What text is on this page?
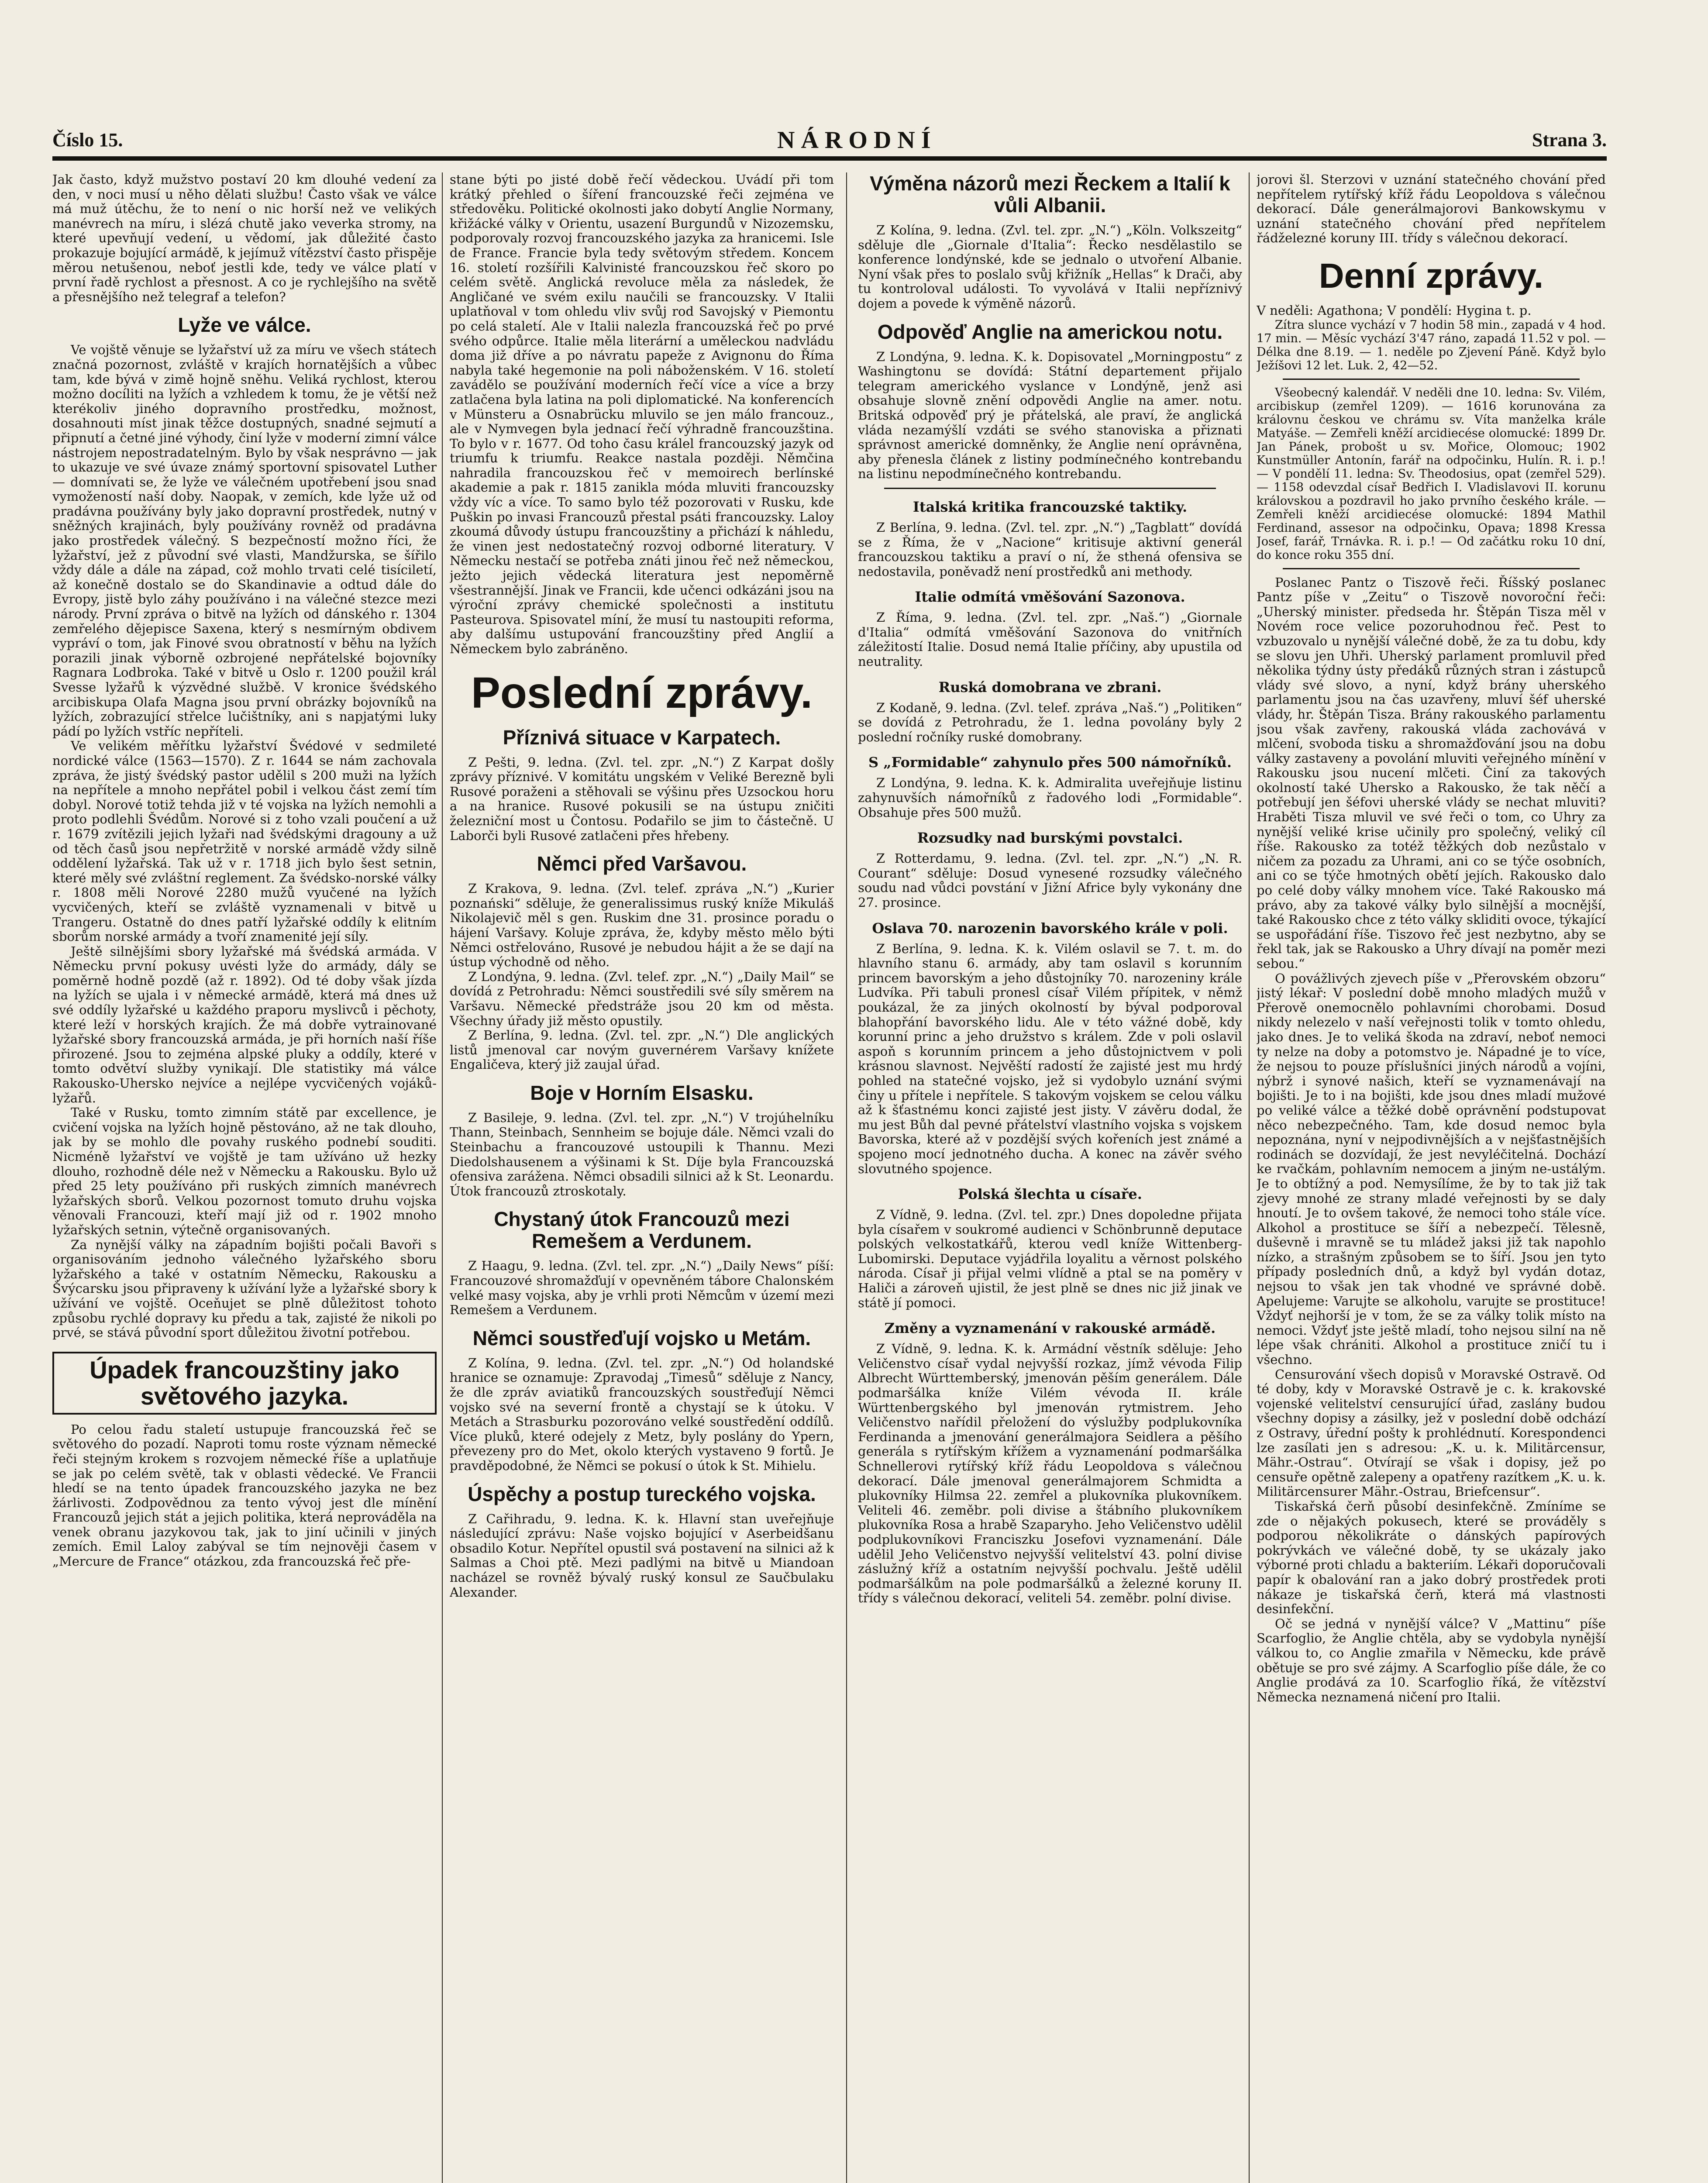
Číslo 15.	NÁRODNÍ	Strana 3.

Jak často, když mužstvo postaví 20 km dlouhé vedení za den, v noci musí u něho dělati službu! Často však ve válce má muž útěchu, že to není o nic horší než ve velikých manévrech na míru, i slézá chutě jako veverka stromy, na které upevňují vedení, u vědomí, jak důležité často prokazuje bojující armádě, k jejímuž vítězství často přispěje měrou netušenou, neboť jestli kde, tedy ve válce platí v první řadě rychlost a přesnost. A co je rychlejšího na světě a přesnějšího než telegraf a telefon?

Lyže ve válce.

Ve vojště věnuje se lyžařství už za míru ve všech státech značná pozornost, zvláště v krajích hornatějších a vůbec tam, kde bývá v zimě hojně sněhu. Veliká rychlost, kterou možno docíliti na lyžích a vzhledem k tomu, že je větší než kterékoliv jiného dopravního prostředku, možnost, dosahnouti míst jinak těžce dostupných, snadné sejmutí a připnutí a četné jiné výhody, činí lyže v moderní zimní válce nástrojem nepostradatelným. Bylo by však nesprávno — jak to ukazuje ve své úvaze známý sportovní spisovatel Luther — domnívati se, že lyže ve válečném upotřebení jsou snad vymožeností naší doby. Naopak, v zemích, kde lyže už od pradávna používány byly jako dopravní prostředek, nutný v sněžných krajinách, byly používány rovněž od pradávna jako prostředek válečný. S bezpečností možno říci, že lyžařství, jež z původní své vlasti, Mandžurska, se šířilo vždy dále a dále na západ, což mohlo trvati celé tisíciletí, až konečně dostalo se do Skandinavie a odtud dále do Evropy, jistě bylo záhy používáno i na válečné stezce mezi národy. První zpráva o bitvě na lyžích od dánského r. 1304 zemřelého dějepisce Saxena, který s nesmírným obdivem vypráví o tom, jak Finové svou obratností v běhu na lyžích porazili jinak výborně ozbrojené nepřátelské bojovníky Ragnara Lodbroka. Také v bitvě u Oslo r. 1200 použil král Svesse lyžařů k výzvědné službě. V kronice švédského arcibiskupa Olafa Magna jsou první obrázky bojovníků na lyžích, zobrazující střelce lučištníky, ani s napjatými luky pádí po lyžích vstříc nepříteli.

Ve velikém měřítku lyžařství Švédové v sedmileté nordické válce (1563—1570). Z r. 1644 se nám zachovala zpráva, že jistý švédský pastor udělil s 200 muži na lyžích na nepřítele a mnoho nepřátel pobil i velkou část zemí tím dobyl. Norové totiž tehda již v té vojska na lyžích nemohli a proto podlehli Švédům. Norové si z toho vzali poučení a už r. 1679 zvítězili jejich lyžaři nad švédskými dragouny a už od těch časů jsou nepřetržitě v norské armádě vždy silně oddělení lyžařská. Tak už v r. 1718 jich bylo šest setnin, které měly své zvláštní reglement. Za švédsko-norské války r. 1808 měli Norové 2280 mužů vyučené na lyžích vycvičených, kteří se zvláště vyznamenali v bitvě u Trangeru. Ostatně do dnes patří lyžařské oddíly k elitním sborům norské armády a tvoří znamenité její síly.

Ještě silnějšími sbory lyžařské má švédská armáda. V Německu první pokusy uvésti lyže do armády, dály se poměrně hodně pozdě (až r. 1892). Od té doby však jízda na lyžích se ujala i v německé armádě, která má dnes už své oddíly lyžařské u každého praporu myslivců i pěchoty, které leží v horských krajích. Že má dobře vytrainované lyžařské sbory francouzská armáda, je při horních naší říše přirozené. Jsou to zejména alpské pluky a oddíly, které v tomto odvětví služby vynikají. Dle statistiky má válce Rakousko-Uhersko nejvíce a nejlépe vycvičených vojáků-lyžařů.

Také v Rusku, tomto zimním státě par excellence, je cvičení vojska na lyžích hojně pěstováno, až ne tak dlouho, jak by se mohlo dle povahy ruského podnebí souditi. Nicméně lyžařství ve vojště je tam užíváno už hezky dlouho, rozhodně déle než v Německu a Rakousku. Bylo už před 25 lety používáno při ruských zimních manévrech lyžařských sborů. Velkou pozornost tomuto druhu vojska věnovali Francouzi, kteří mají již od r. 1902 mnoho lyžařských setnin, výtečně organisovaných.

Za nynější války na západním bojišti počali Bavoři s organisováním jednoho válečného lyžařského sboru lyžařského a také v ostatním Německu, Rakousku a Švýcarsku jsou připraveny k užívání lyže a lyžařské sbory k užívání ve vojště. Oceňujet se plně důležitost tohoto způsobu rychlé dopravy ku předu a tak, zajisté že nikoli po prvé, se stává původní sport důležitou životní potřebou.

Úpadek francouzštiny jako světového jazyka.

Po celou řadu staletí ustupuje francouzská řeč se světového do pozadí. Naproti tomu roste význam německé řeči stejným krokem s rozvojem německé říše a uplatňuje se jak po celém světě, tak v oblasti vědecké. Ve Francii hledí se na tento úpadek francouzského jazyka ne bez žárlivosti. Zodpovědnou za tento vývoj jest dle mínění Francouzů jejich stát a jejich politika, která neprováděla na venek obranu jazykovou tak, jak to jiní učinili v jiných zemích. Emil Laloy zabýval se tím nejnověji časem v „Mercure de France“ otázkou, zda francouzská řeč pře-

stane býti po jisté době řečí vědeckou. Uvádí při tom krátký přehled o šíření francouzské řeči zejména ve středověku. Politické okolnosti jako dobytí Anglie Normany, křižácké války v Orientu, usazení Burgundů v Nizozemsku, podporovaly rozvoj francouzského jazyka za hranicemi. Isle de France. Francie byla tedy světovým středem. Koncem 16. století rozšířili Kalvinisté francouzskou řeč skoro po celém světě. Anglická revoluce měla za následek, že Angličané ve svém exilu naučili se francouzsky. V Italii uplatňoval v tom ohledu vliv svůj rod Savojský v Piemontu po celá staletí. Ale v Italii nalezla francouzská řeč po prvé svého odpůrce. Italie měla literární a uměleckou nadvládu doma již dříve a po návratu papeže z Avignonu do Říma nabyla také hegemonie na poli náboženském. V 16. století zavádělo se používání moderních řečí více a více a brzy zatlačena byla latina na poli diplomatické. Na konferencích v Münsteru a Osnabrücku mluvilo se jen málo francouz., ale v Nymvegen byla jednací řečí výhradně francouzština. To bylo v r. 1677. Od toho času králel francouzský jazyk od triumfu k triumfu. Reakce nastala později. Němčina nahradila francouzskou řeč v memoirech berlínské akademie a pak r. 1815 zanikla móda mluviti francouzsky vždy víc a více. To samo bylo též pozorovati v Rusku, kde Puškin po invasi Francouzů přestal psáti francouzsky. Laloy zkoumá důvody ústupu francouzštiny a přichází k náhledu, že vinen jest nedostatečný rozvoj odborné literatury. V Německu nestačí se potřeba znáti jinou řeč než německou, ježto jejich vědecká literatura jest nepoměrně všestrannější. Jinak ve Francii, kde učenci odkázáni jsou na výroční zprávy chemické společnosti a institutu Pasteurova. Spisovatel míní, že musí tu nastoupiti reforma, aby dalšímu ustupování francouzštiny před Anglií a Německem bylo zabráněno.

Poslední zprávy.
Příznivá situace v Karpatech.

Z Pešti, 9. ledna. (Zvl. tel. zpr. „N.“) Z Karpat došly zprávy příznivé. V komitátu ungském v Veliké Berezně byli Rusové poraženi a stěhovali se výšinu přes Uzsockou horu a na hranice. Rusové pokusili se na ústupu zničiti železniční most u Čontosu. Podařilo se jim to částečně. U Laborči byli Rusové zatlačeni přes hřebeny.

Němci před Varšavou.

Z Krakova, 9. ledna. (Zvl. telef. zpráva „N.“) „Kurier poznański“ sděluje, že generalissimus ruský kníže Mikuláš Nikolajevič měl s gen. Ruskim dne 31. prosince poradu o hájení Varšavy. Koluje zpráva, že, kdyby město mělo býti Němci ostřelováno, Rusové je nebudou hájit a že se dají na ústup východně od něho.

Z Londýna, 9. ledna. (Zvl. telef. zpr. „N.“) „Daily Mail“ se dovídá z Petrohradu: Němci soustředili své síly směrem na Varšavu. Německé předstráže jsou 20 km od města. Všechny úřady již město opustily.

Z Berlína, 9. ledna. (Zvl. tel. zpr. „N.“) Dle anglických listů jmenoval car novým guvernérem Varšavy knížete Engaličeva, který již zaujal úřad.

Boje v Horním Elsasku.

Z Basileje, 9. ledna. (Zvl. tel. zpr. „N.“) V trojúhelníku Thann, Steinbach, Sennheim se bojuje dále. Němci vzali do Steinbachu a francouzové ustoupili k Thannu. Mezi Diedolshausenem a výšinami k St. Díje byla Francouzská ofensiva zarážena. Němci obsadili silnici až k St. Leonardu. Útok francouzů ztroskotaly.

Chystaný útok Francouzů mezi Remešem a Verdunem.

Z Haagu, 9. ledna. (Zvl. tel. zpr. „N.“) „Daily News“ píší: Francouzové shromažďují v opevněném tábore Chalonském velké masy vojska, aby je vrhli proti Němcům v území mezi Remešem a Verdunem.

Němci soustřeďují vojsko u Metám.

Z Kolína, 9. ledna. (Zvl. tel. zpr. „N.“) Od holandské hranice se oznamuje: Zpravodaj „Timesů“ sděluje z Nancy, že dle zpráv aviatiků francouzských soustřeďují Němci vojsko své na severní frontě a chystají se k útoku. V Metách a Strasburku pozorováno velké soustředění oddílů. Více pluků, které odejely z Metz, byly poslány do Ypern, převezeny pro do Met, okolo kterých vystaveno 9 fortů. Je pravděpodobné, že Němci se pokusí o útok k St. Mihielu.

Úspěchy a postup tureckého vojska.

Z Cařihradu, 9. ledna. K. k. Hlavní stan uveřejňuje následující zprávu: Naše vojsko bojující v Aserbeidšanu obsadilo Kotur. Nepřítel opustil svá postavení na silnici až k Salmas a Choi ptě. Mezi padlými na bitvě u Miandoan nacházel se rovněž bývalý ruský konsul ze Saučbulaku Alexander.

Výměna názorů mezi Řeckem a Italií k vůli Albanii.

Z Kolína, 9. ledna. (Zvl. tel. zpr. „N.“) „Köln. Volkszeitg“ sděluje dle „Giornale d'Italia“: Řecko nesdělastilo se konference londýnské, kde se jednalo o utvoření Albanie. Nyní však přes to poslalo svůj křižník „Hellas“ k Drači, aby tu kontroloval události. To vyvolává v Italii nepříznivý dojem a povede k výměně názorů.

Odpověď Anglie na americkou notu.

Z Londýna, 9. ledna. K. k. Dopisovatel „Morningpostu“ z Washingtonu se dovídá: Státní departement přijalo telegram amerického vyslance v Londýně, jenž asi obsahuje slovně znění odpovědi Anglie na amer. notu. Britská odpověď prý je přátelská, ale praví, že anglická vláda nezamýšlí vzdáti se svého stanoviska a přiznati správnost americké domněnky, že Anglie není oprávněna, aby přenesla článek z listiny podmínečného kontrebandu na listinu nepodmínečného kontrebandu.

Italská kritika francouzské taktiky.

Z Berlína, 9. ledna. (Zvl. tel. zpr. „N.“) „Tagblatt“ dovídá se z Říma, že v „Nacione“ kritisuje aktivní generál francouzskou taktiku a praví o ní, že sthená ofensiva se nedostavila, poněvadž není prostředků ani methody.

Italie odmítá vměšování Sazonova.

Z Říma, 9. ledna. (Zvl. tel. zpr. „Naš.“) „Giornale d'Italia“ odmítá vměšování Sazonova do vnitřních záležitostí Italie. Dosud nemá Italie příčiny, aby upustila od neutrality.

Ruská domobrana ve zbrani.

Z Kodaně, 9. ledna. (Zvl. telef. zpráva „Naš.“) „Politiken“ se dovídá z Petrohradu, že 1. ledna povolány byly 2 poslední ročníky ruské domobrany.

S „Formidable“ zahynulo přes 500 námořníků.

Z Londýna, 9. ledna. K. k. Admiralita uveřejňuje listinu zahynuvších námořníků z řadového lodi „Formidable“. Obsahuje přes 500 mužů.

Rozsudky nad burskými povstalci.

Z Rotterdamu, 9. ledna. (Zvl. tel. zpr. „N.“) „N. R. Courant“ sděluje: Dosud vynesené rozsudky válečného soudu nad vůdci povstání v Jižní Africe byly vykonány dne 27. prosince.

Oslava 70. narozenin bavorského krále v poli.

Z Berlína, 9. ledna. K. k. Vilém oslavil se 7. t. m. do hlavního stanu 6. armády, aby tam oslavil s korunním princem bavorským a jeho důstojníky 70. narozeniny krále Ludvíka. Při tabuli pronesl císař Vilém přípitek, v němž poukázal, že za jiných okolností by býval podporoval blahopřání bavorského lidu. Ale v této vážné době, kdy korunní princ a jeho družstvo s králem. Zde v poli oslavil aspoň s korunním princem a jeho důstojnictvem v poli krásnou slavnost. Nejvěští radostí že zajisté jest mu hrdý pohled na statečné vojsko, jež si vydobylo uznání svými činy u přítele i nepřítele. S takovým vojskem se celou válku až k šťastnému konci zajisté jest jisty. V závěru dodal, že mu jest Bůh dal pevné přátelství vlastního vojska s vojskem Bavorska, které až v pozdější svých kořeních jest známé a spojeno mocí jednotného ducha. A konec na závěr svého slovutného spojence.

Polská šlechta u císaře.

Z Vídně, 9. ledna. (Zvl. tel. zpr.) Dnes dopoledne přijata byla císařem v soukromé audienci v Schönbrunně deputace polských velkostatkářů, kterou vedl kníže Wittenberg-Lubomirski. Deputace vyjádřila loyalitu a věrnost polského národa. Císař ji přijal velmi vlídně a ptal se na poměry v Haliči a zároveň ujistil, že jest plně se dnes nic již jinak ve státě jí pomoci.

Změny a vyznamenání v rakouské armádě.

Z Vídně, 9. ledna. K. k. Armádní věstník sděluje: Jeho Veličenstvo císař vydal nejvyšší rozkaz, jímž vévoda Filip Albrecht Württemberský, jmenován pěším generálem. Dále podmaršálka kníže Vilém vévoda II. krále Württenbergského byl jmenován rytmistrem. Jeho Veličenstvo nařídil přeložení do výslužby podplukovníka Ferdinanda a jmenování generálmajora Seidlera a pěšího generála s rytířským křížem a vyznamenání podmaršálka Schnellerovi rytířský kříž řádu Leopoldova s válečnou dekorací. Dále jmenoval generálmajorem Schmidta a plukovníky Hilmsa 22. zemřel a plukovníka plukovníkem. Veliteli 46. zeměbr. poli divise a štábního plukovníkem plukovníka Rosa a hrabě Szaparyho. Jeho Veličenstvo udělil podplukovníkovi Franciszku Josefovi vyznamenání. Dále udělil Jeho Veličenstvo nejvyšší velitelství 43. polní divise záslužný kříž a ostatním nejvyšší pochvalu. Ještě udělil podmaršálkům na pole podmaršálků a železné koruny II. třídy s válečnou dekorací, veliteli 54. zeměbr. polní divise.

jorovi šl. Sterzovi v uznání statečného chování před nepřítelem rytířský kříž řádu Leopoldova s válečnou dekorací. Dále generálmajorovi Bankowskymu v uznání statečného chování před nepřítelem řádželezné koruny III. třídy s válečnou dekorací.

Denní zprávy.

V neděli: Agathona; V pondělí: Hygina t. p.

Zítra slunce vychází v 7 hodin 58 min., zapadá v 4 hod. 17 min. — Měsíc vychází 3'47 ráno, zapadá 11.52 v pol. — Délka dne 8.19. — 1. neděle po Zjevení Páně. Když bylo Ježíšovi 12 let. Luk. 2, 42—52.

Všeobecný kalendář. V neděli dne 10. ledna: Sv. Vilém, arcibiskup (zemřel 1209). — 1616 korunována za královnu českou ve chrámu sv. Víta manželka krále Matyáše. — Zemřeli kněží arcidiecése olomucké: 1899 Dr. Jan Pánek, probošt u sv. Mořice, Olomouc; 1902 Kunstmüller Antonín, farář na odpočinku, Hulín. R. i. p.! — V pondělí 11. ledna: Sv. Theodosius, opat (zemřel 529). — 1158 odevzdal císař Bedřich I. Vladislavovi II. korunu královskou a pozdravil ho jako prvního českého krále. — Zemřeli kněží arcidiecése olomucké: 1894 Mathil Ferdinand, assesor na odpočinku, Opava; 1898 Kressa Josef, farář, Trnávka. R. i. p.! — Od začátku roku 10 dní, do konce roku 355 dní.

Poslanec Pantz o Tiszově řeči. Říšský poslanec Pantz píše v „Zeitu“ o Tiszově novoroční řeči: „Uherský minister. předseda hr. Štěpán Tisza měl v Novém roce velice pozoruhodnou řeč. Pest to vzbuzovalo u nynější válečné době, že za tu dobu, kdy se slovu jen Uhři. Uherský parlament promluvil před několika týdny ústy předáků různých stran i zástupců vlády své slovo, a nyní, když brány uherského parlamentu jsou na čas uzavřeny, mluví šéf uherské vlády, hr. Štěpán Tisza. Brány rakouského parlamentu jsou však zavřeny, rakouská vláda zachovává v mlčení, svoboda tisku a shromažďování jsou na dobu války zastaveny a povolání mluviti veřejného mínění v Rakousku jsou nucení mlčeti. Činí za takových okolností také Uhersko a Rakousko, že tak něčí a potřebují jen šéfovi uherské vlády se nechat mluviti? Hraběti Tisza mluvil ve své řeči o tom, co Uhry za nynější veliké krise učinily pro společný, veliký cíl říše. Rakousko za totéž těžkých dob nezůstalo v ničem za pozadu za Uhrami, ani co se týče osobních, ani co se týče hmotných obětí jejích. Rakousko dalo po celé doby války mnohem více. Také Rakousko má právo, aby za takové války bylo silnější a mocnější, také Rakousko chce z této války skliditi ovoce, týkající se uspořádání říše. Tiszovo řeč jest nezbytno, aby se řekl tak, jak se Rakousko a Uhry dívají na poměr mezi sebou.“

O povážlivých zjevech píše v „Přerovském obzoru“ jistý lékař: V poslední době mnoho mladých mužů v Přerově onemocnělo pohlavními chorobami. Dosud nikdy nelezelo v naší veřejnosti tolik v tomto ohledu, jako dnes. Je to veliká škoda na zdraví, neboť nemoci ty nelze na doby a potomstvo je. Nápadné je to více, že nejsou to pouze příslušníci jiných národů a vojíni, nýbrž i synové našich, kteří se vyznamenávají na bojišti. Je to i na bojišti, kde jsou dnes mladí mužové po veliké válce a těžké době oprávnění podstupovat něco nebezpečného. Tam, kde dosud nemoc byla nepoznána, nyní v nejpodivnějších a v nejšťastnějších rodinách se dozvídají, že jest nevyléčitelná. Dochází ke rvačkám, pohlavním nemocem a jiným ne-ustálým. Je to obtížný a pod. Nemysílíme, že by to tak již tak zjevy mnohé ze strany mladé veřejnosti by se daly hnoutí. Je to ovšem takové, že nemoci toho stále více. Alkohol a prostituce se šíří a nebezpečí. Tělesně, duševně i mravně se tu mládež jaksi již tak napohlo nízko, a strašným způsobem se to šíří. Jsou jen tyto případy posledních dnů, a když byl vydán dotaz, nejsou to však jen tak vhodné ve správné době. Apelujeme: Varujte se alkoholu, varujte se prostituce! Vždyť nejhorší je v tom, že se za války tolik místo na nemoci. Vždyť jste ještě mladí, toho nejsou silní na ně lépe však chrániti. Alkohol a prostituce zničí tu i všechno.

Censurování všech dopisů v Moravské Ostravě. Od té doby, kdy v Moravské Ostravě je c. k. krakovské vojenské velitelství censurující úřad, zaslány budou všechny dopisy a zásilky, jež v poslední době odchází z Ostravy, úřední pošty k prohlédnutí. Korespondenci lze zasílati jen s adresou: „K. u. k. Militärcensur, Mähr.-Ostrau“. Otvírají se však i dopisy, jež po censuře opětně zalepeny a opatřeny razítkem „K. u. k. Militärcensurer Mähr.-Ostrau, Briefcensur“.

Tiskařská čerň působí desinfekčně. Zmíníme se zde o nějakých pokusech, které se prováděly s podporou několikráte o dánských papírových pokrývkách ve válečné době, ty se ukázaly jako výborné proti chladu a bakteriím. Lékaři doporučovali papír k obalování ran a jako dobrý prostředek proti nákaze je tiskařská čerň, která má vlastnosti desinfekční.

Oč se jedná v nynější válce? V „Mattinu“ píše Scarfoglio, že Anglie chtěla, aby se vydobyla nynější válkou to, co Anglie zmařila v Německu, kde právě obětuje se pro své zájmy. A Scarfoglio píše dále, že co Anglie prodává za 10. Scarfoglio říká, že vítězství Německa neznamená ničení pro Italii.
